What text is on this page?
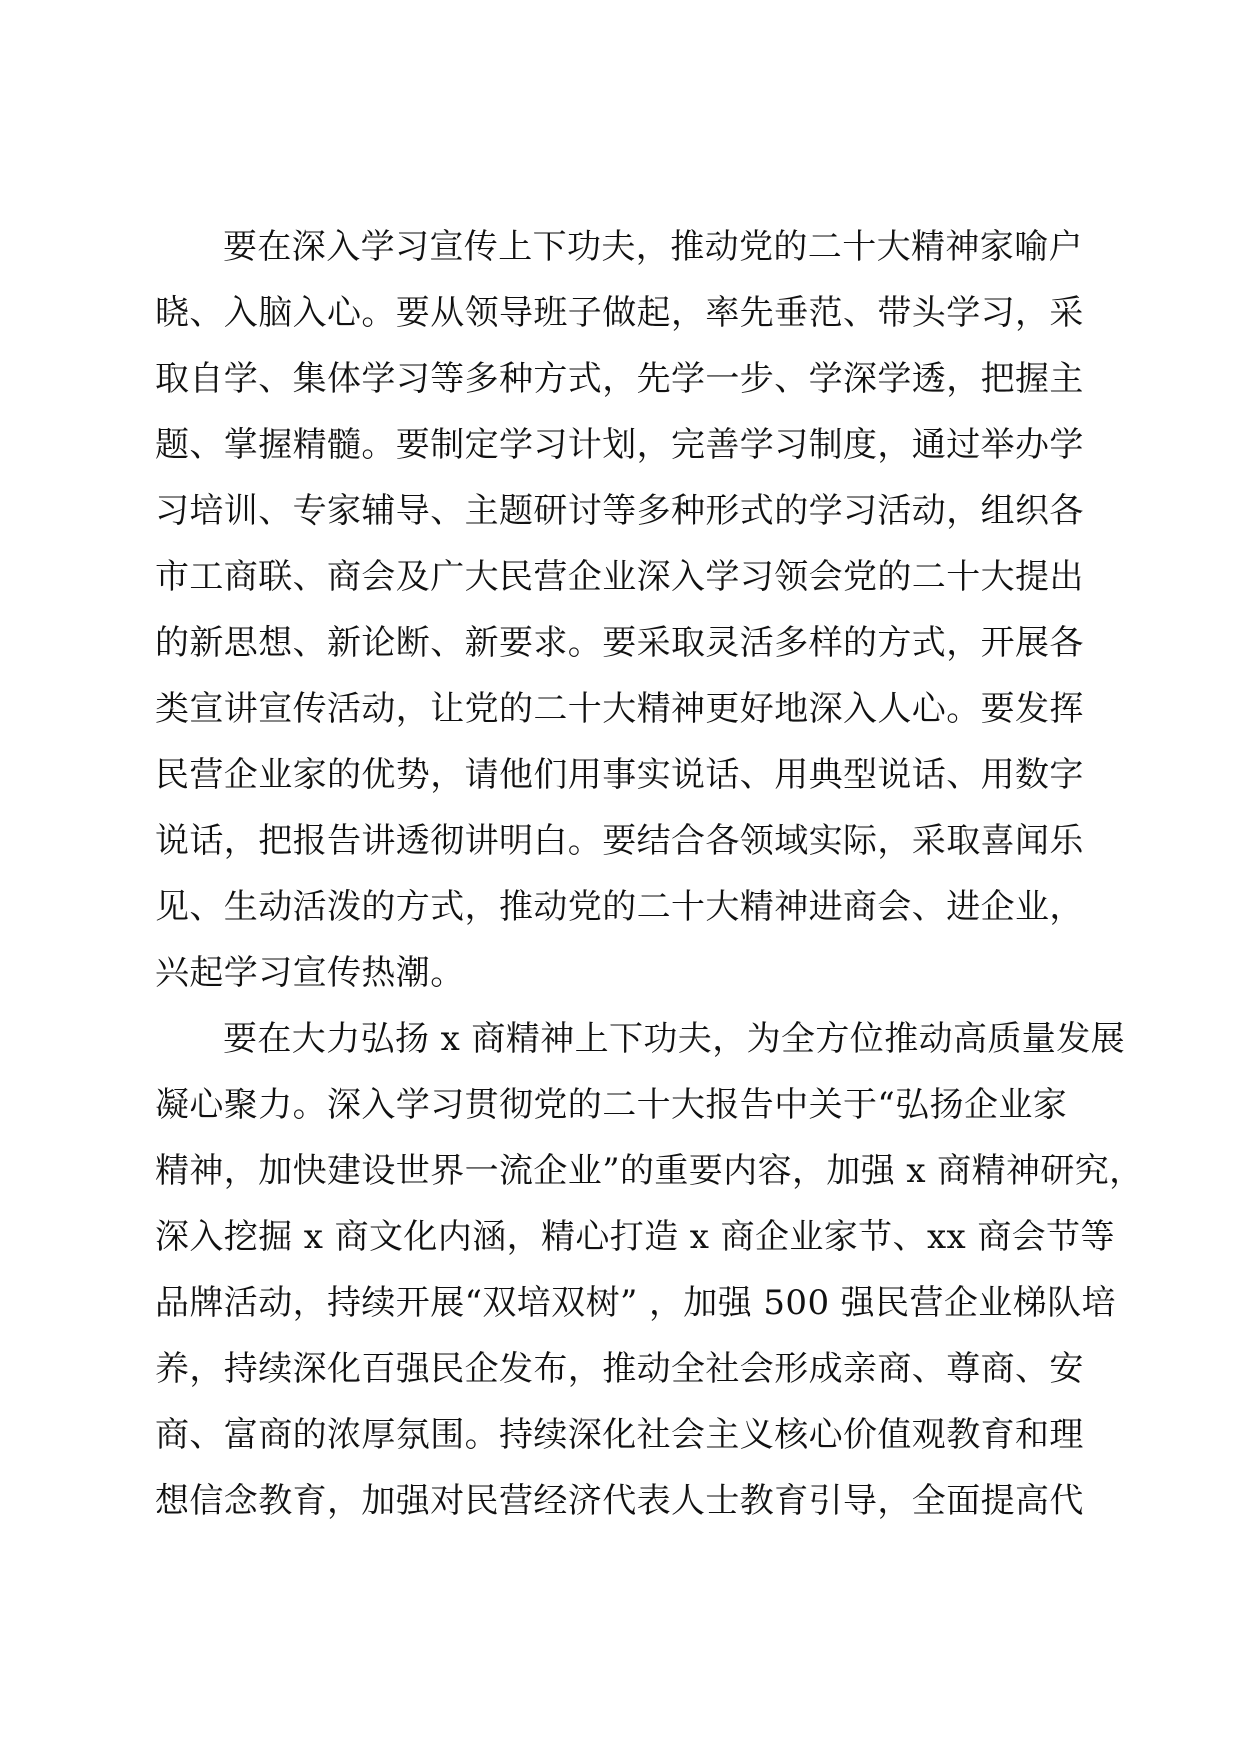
要在深入学习宣传上下功夫，推动党的二十大精神家喻户
晓、入脑入心。要从领导班子做起，率先垂范、带头学习，采
取自学、集体学习等多种方式，先学一步、学深学透，把握主
题、掌握精髓。要制定学习计划，完善学习制度，通过举办学
习培训、专家辅导、主题研讨等多种形式的学习活动，组织各
市工商联、商会及广大民营企业深入学习领会党的二十大提出
的新思想、新论断、新要求。要采取灵活多样的方式，开展各
类宣讲宣传活动，让党的二十大精神更好地深入人心。要发挥
民营企业家的优势，请他们用事实说话、用典型说话、用数字
说话，把报告讲透彻讲明白。要结合各领域实际，采取喜闻乐
见、生动活泼的方式，推动党的二十大精神进商会、进企业，
兴起学习宣传热潮。
要在大力弘扬 x 商精神上下功夫，为全方位推动高质量发展
凝心聚力。深入学习贯彻党的二十大报告中关于“弘扬企业家
精神，加快建设世界一流企业”的重要内容，加强 x 商精神研究，
深入挖掘 x 商文化内涵，精心打造 x 商企业家节、xx 商会节等
品牌活动，持续开展“双培双树” ，加强 500 强民营企业梯队培
养，持续深化百强民企发布，推动全社会形成亲商、尊商、安
商、富商的浓厚氛围。持续深化社会主义核心价值观教育和理
想信念教育，加强对民营经济代表人士教育引导，全面提高代
